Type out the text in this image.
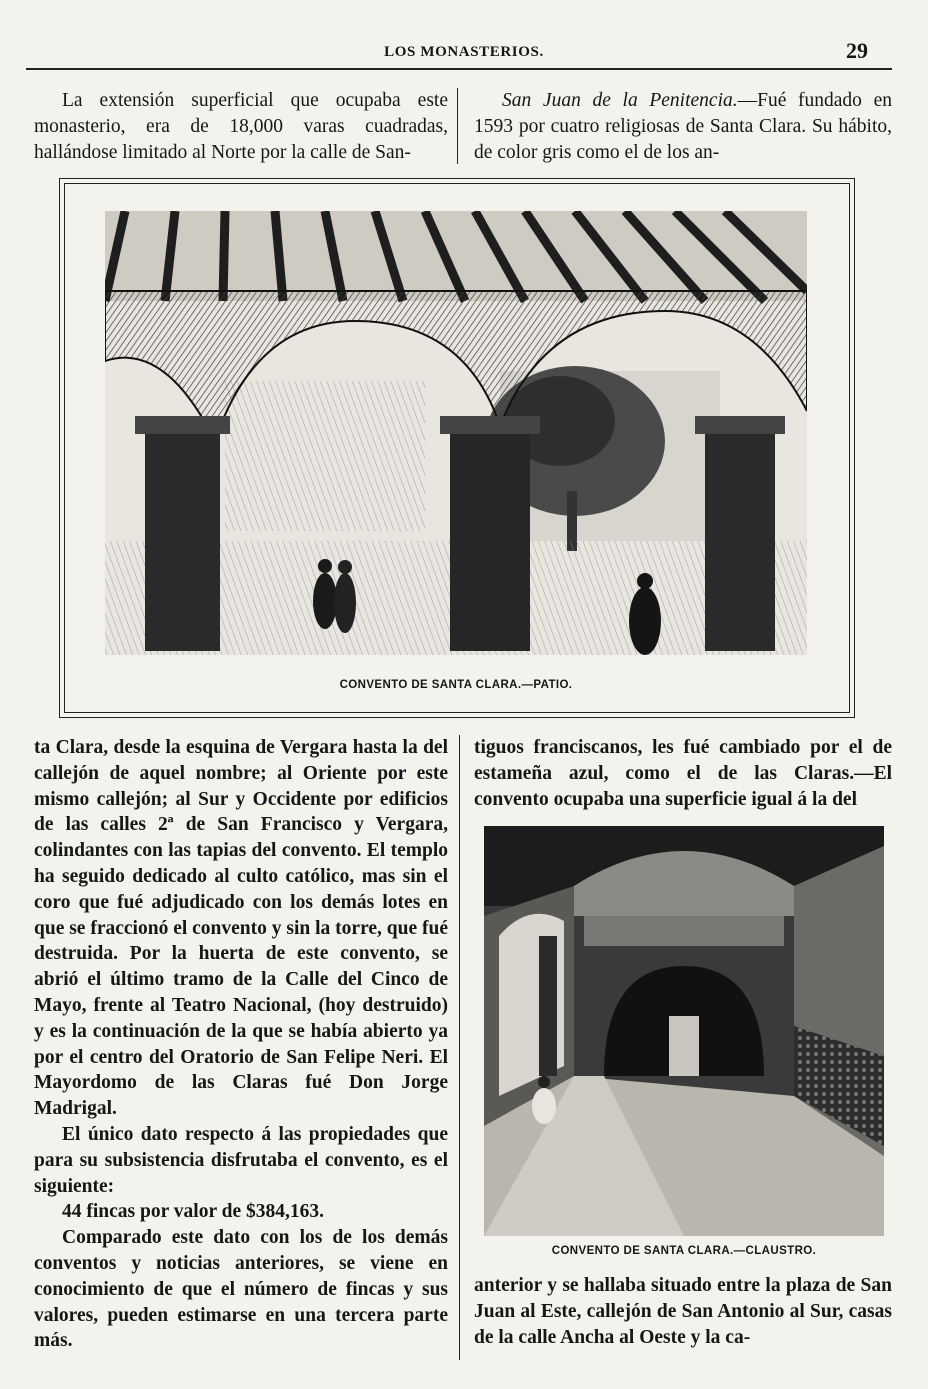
LOS MONASTERIOS.	29

La extensión superficial que ocupaba este monasterio, era de 18,000 varas cuadradas, hallándose limitado al Norte por la calle de San-

San Juan de la Penitencia.—Fué fundado en 1593 por cuatro religiosas de Santa Clara. Su hábito, de color gris como el de los an-

CONVENTO DE SANTA CLARA.—PATIO.

ta Clara, desde la esquina de Vergara hasta la del callejón de aquel nombre; al Oriente por este mismo callejón; al Sur y Occidente por edificios de las calles 2ª de San Francisco y Vergara, colindantes con las tapias del convento. El templo ha seguido dedicado al culto católico, mas sin el coro que fué adjudicado con los demás lotes en que se fraccionó el convento y sin la torre, que fué destruida. Por la huerta de este convento, se abrió el último tramo de la Calle del Cinco de Mayo, frente al Teatro Nacional, (hoy destruido) y es la continuación de la que se había abierto ya por el centro del Oratorio de San Felipe Neri. El Mayordomo de las Claras fué Don Jorge Madrigal.

El único dato respecto á las propiedades que para su subsistencia disfrutaba el convento, es el siguiente:

44 fincas por valor de $384,163.

Comparado este dato con los de los demás conventos y noticias anteriores, se viene en conocimiento de que el número de fincas y sus valores, pueden estimarse en una tercera parte más.

tiguos franciscanos, les fué cambiado por el de estameña azul, como el de las Claras.—El convento ocupaba una superficie igual á la del

CONVENTO DE SANTA CLARA.—CLAUSTRO.

anterior y se hallaba situado entre la plaza de San Juan al Este, callejón de San Antonio al Sur, casas de la calle Ancha al Oeste y la ca-
